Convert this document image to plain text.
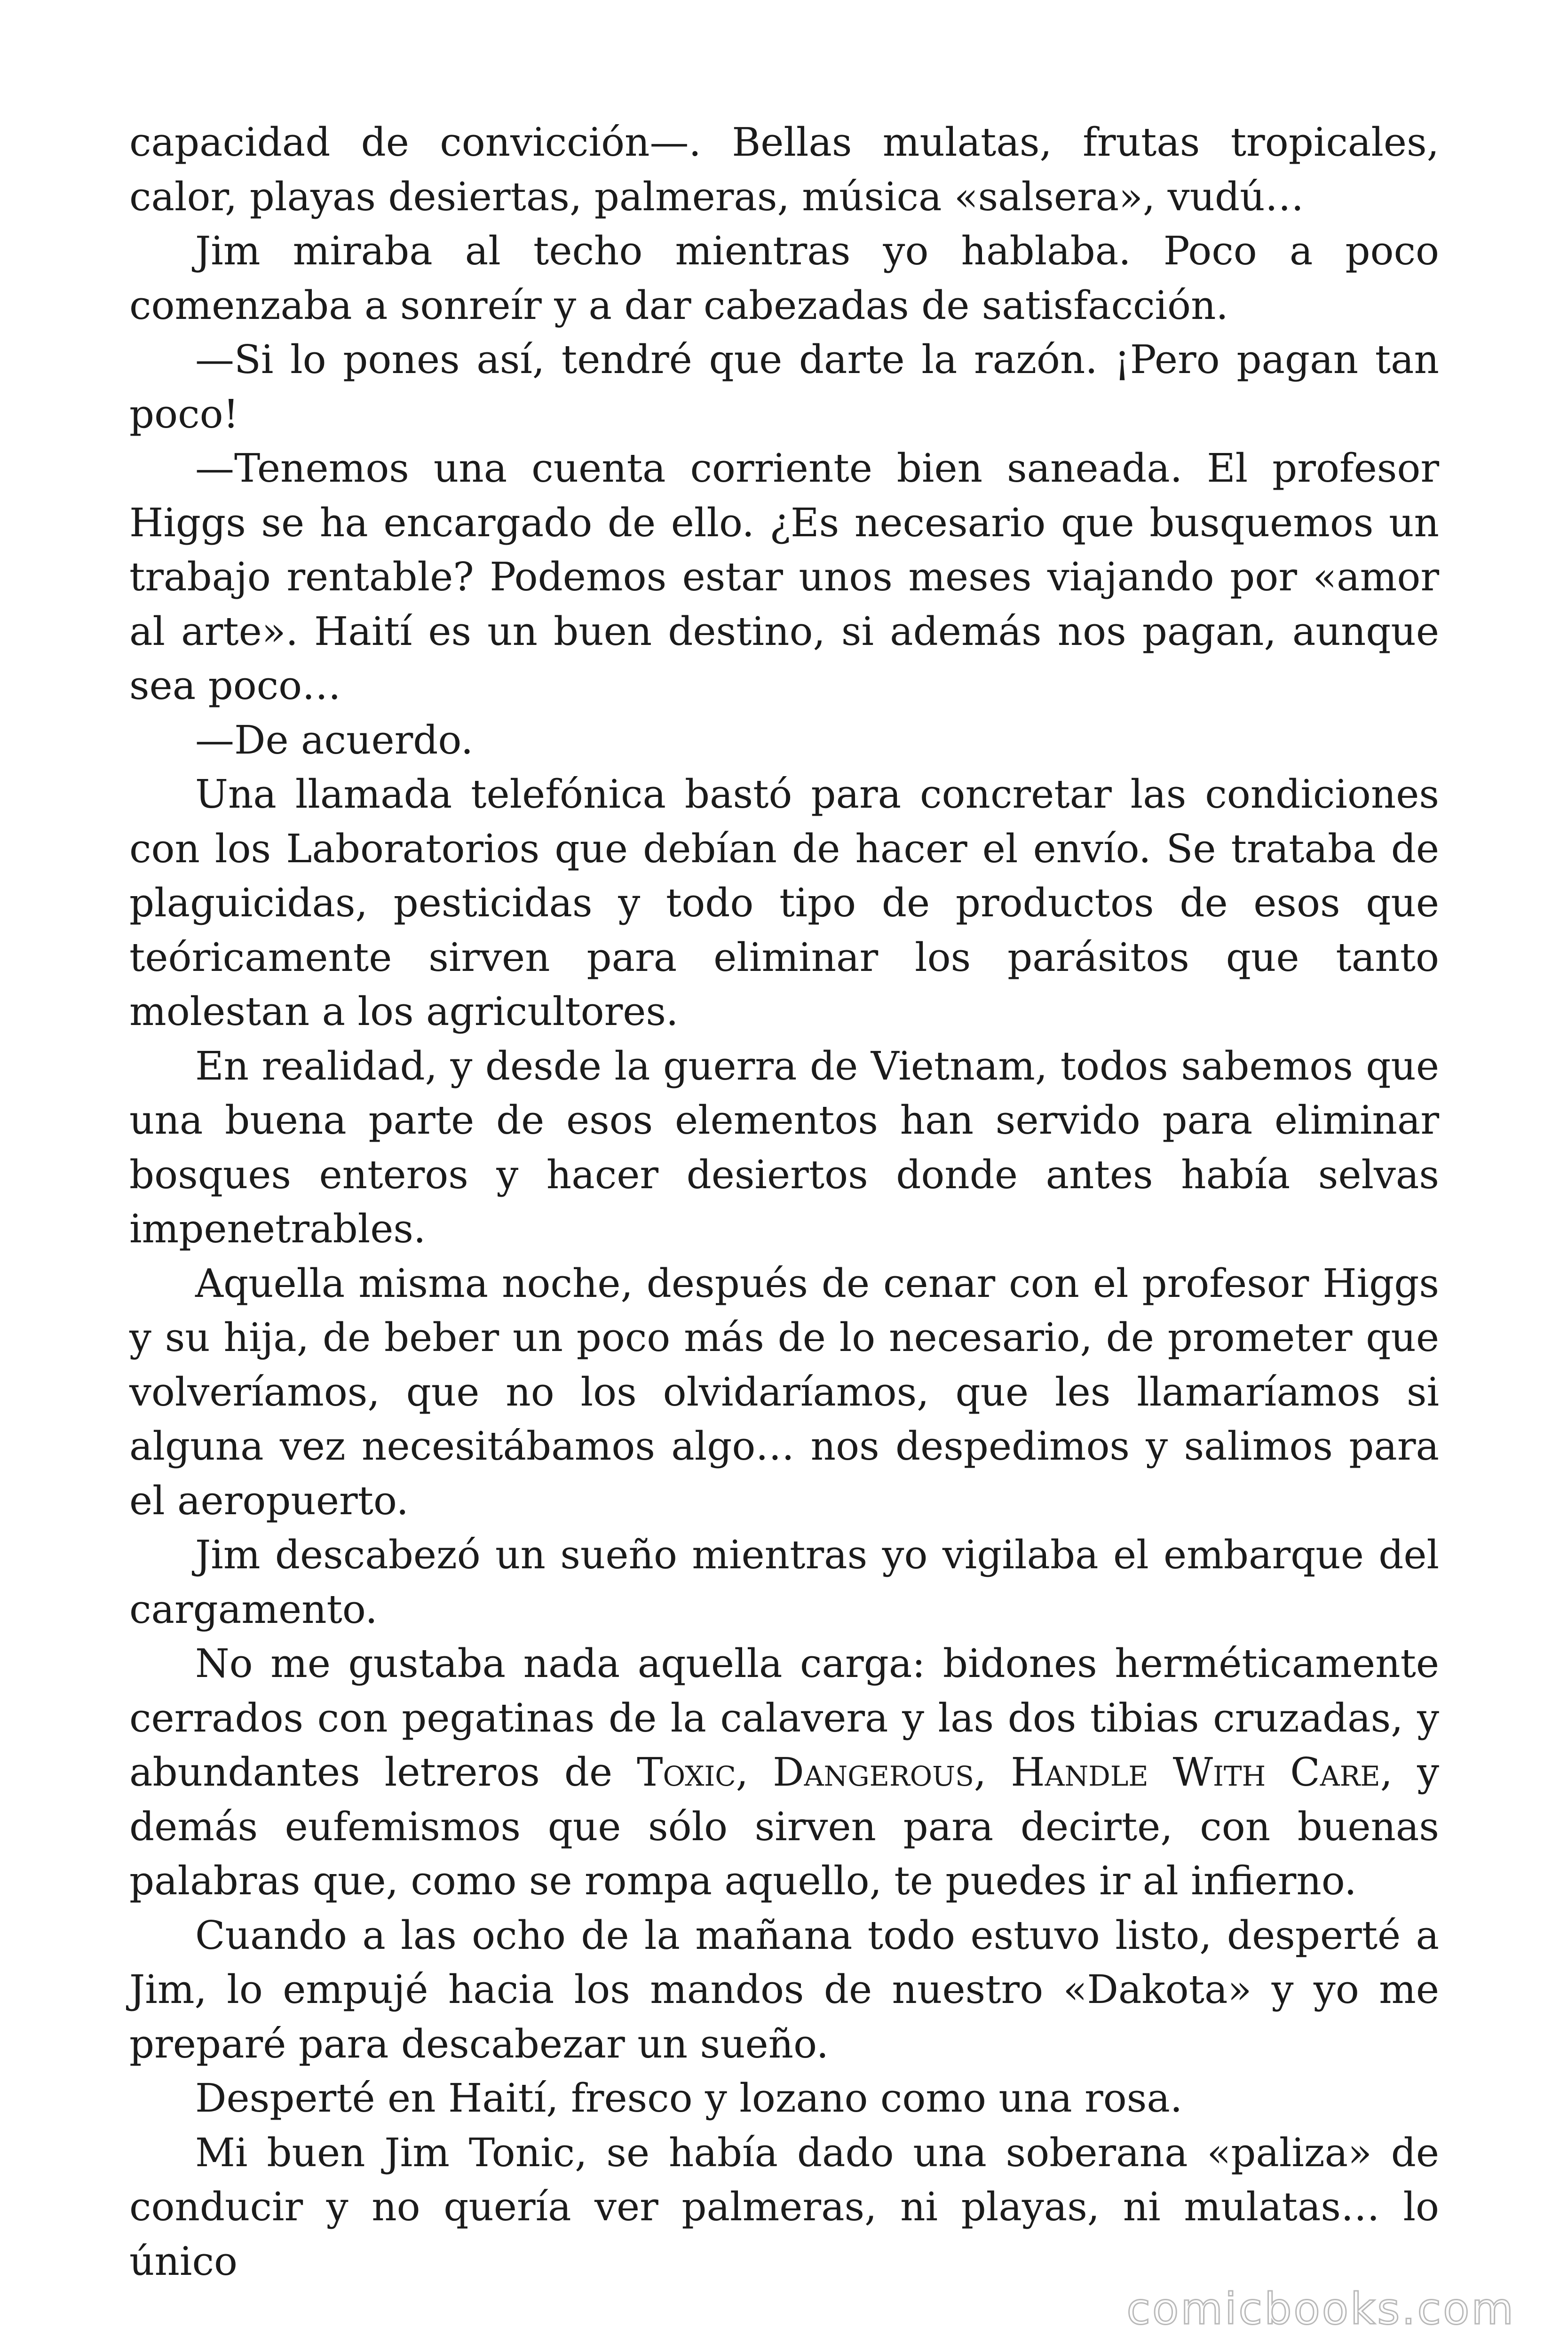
capacidad de convicción—. Bellas mulatas, frutas tropicales, calor, playas desiertas, palmeras, música «salsera», vudú…

Jim miraba al techo mientras yo hablaba. Poco a poco comenzaba a sonreír y a dar cabezadas de satisfacción.

—Si lo pones así, tendré que darte la razón. ¡Pero pagan tan poco!

—Tenemos una cuenta corriente bien saneada. El profesor Higgs se ha encargado de ello. ¿Es necesario que busquemos un trabajo rentable? Podemos estar unos meses viajando por «amor al arte». Haití es un buen destino, si además nos pagan, aunque sea poco…

—De acuerdo.

Una llamada telefónica bastó para concretar las condiciones con los Laboratorios que debían de hacer el envío. Se trataba de plaguicidas, pesticidas y todo tipo de productos de esos que teóricamente sirven para eliminar los parásitos que tanto molestan a los agricultores.

En realidad, y desde la guerra de Vietnam, todos sabemos que una buena parte de esos elementos han servido para eliminar bosques enteros y hacer desiertos donde antes había selvas impenetrables.

Aquella misma noche, después de cenar con el profesor Higgs y su hija, de beber un poco más de lo necesario, de prometer que volveríamos, que no los olvidaríamos, que les llamaríamos si alguna vez necesitábamos algo… nos despedimos y salimos para el aeropuerto.

Jim descabezó un sueño mientras yo vigilaba el embarque del cargamento.

No me gustaba nada aquella carga: bidones herméticamente cerrados con pegatinas de la calavera y las dos tibias cruzadas, y abundantes letreros de Toxic, Dangerous, Handle With Care, y demás eufemismos que sólo sirven para decirte, con buenas palabras que, como se rompa aquello, te puedes ir al infierno.

Cuando a las ocho de la mañana todo estuvo listo, desperté a Jim, lo empujé hacia los mandos de nuestro «Dakota» y yo me preparé para descabezar un sueño.

Desperté en Haití, fresco y lozano como una rosa.

Mi buen Jim Tonic, se había dado una soberana «paliza» de conducir y no quería ver palmeras, ni playas, ni mulatas… lo único

comicbooks.com
